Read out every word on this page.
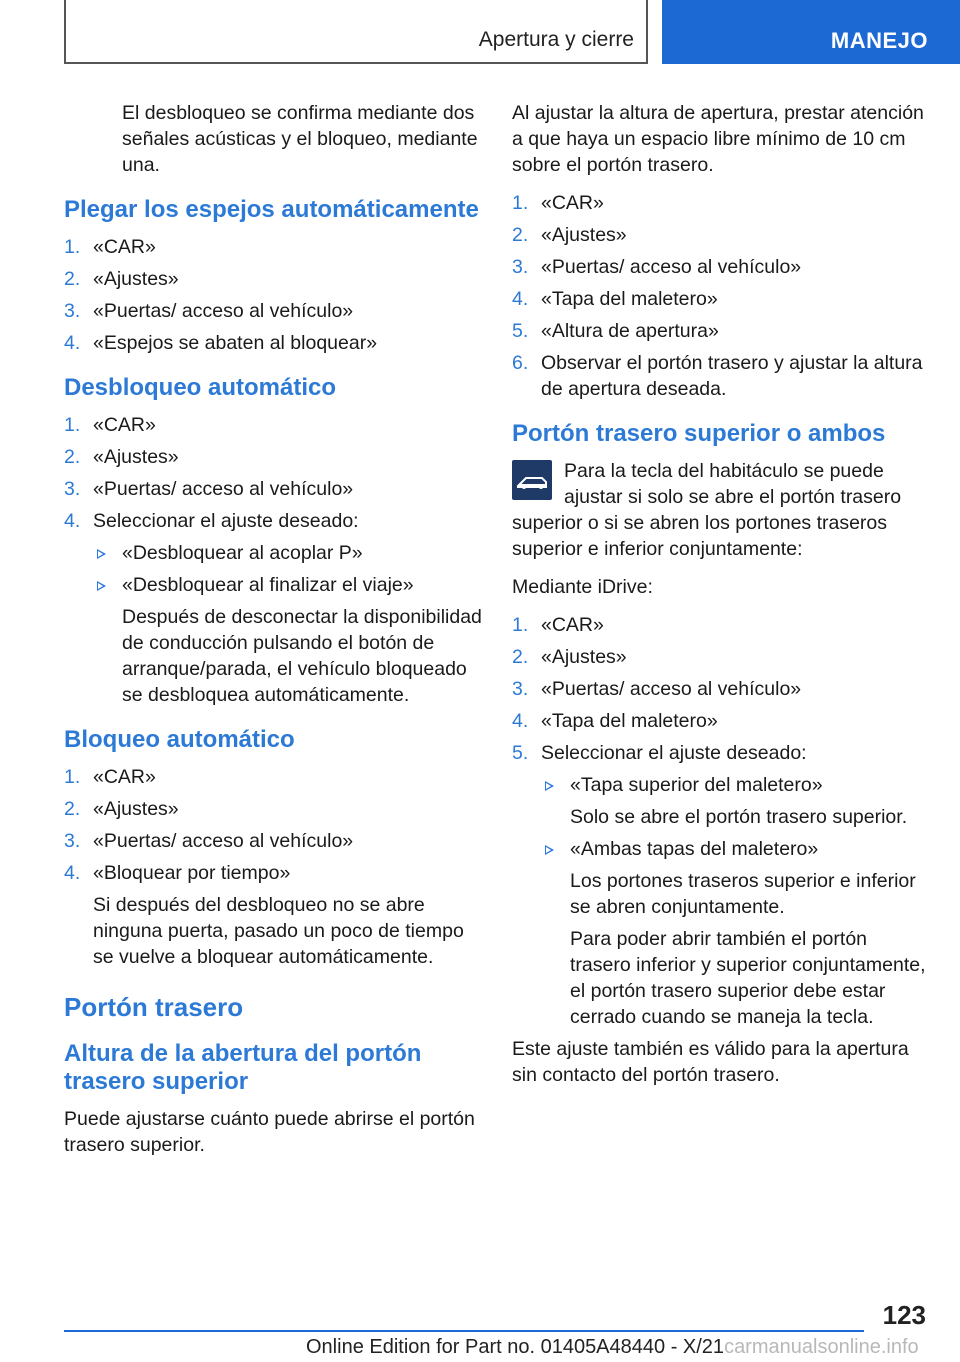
Apertura y cierre	MANEJO

El desbloqueo se confirma mediante dos señales acústicas y el bloqueo, mediante una.

Plegar los espejos automáticamente
1. «CAR»
2. «Ajustes»
3. «Puertas/ acceso al vehículo»
4. «Espejos se abaten al bloquear»
Desbloqueo automático
1. «CAR»
2. «Ajustes»
3. «Puertas/ acceso al vehículo»
4. Seleccionar el ajuste deseado:
«Desbloquear al acoplar P»
«Desbloquear al finalizar el viaje»
Después de desconectar la disponibilidad de conducción pulsando el botón de arranque/parada, el vehículo bloqueado se desbloquea automáticamente.
Bloqueo automático
1. «CAR»
2. «Ajustes»
3. «Puertas/ acceso al vehículo»
4. «Bloquear por tiempo»
Si después del desbloqueo no se abre ninguna puerta, pasado un poco de tiempo se vuelve a bloquear automáticamente.
Portón trasero
Altura de la abertura del portón trasero superior

Puede ajustarse cuánto puede abrirse el portón trasero superior.

Al ajustar la altura de apertura, prestar atención a que haya un espacio libre mínimo de 10 cm sobre el portón trasero.

1. «CAR»
2. «Ajustes»
3. «Puertas/ acceso al vehículo»
4. «Tapa del maletero»
5. «Altura de apertura»
6. Observar el portón trasero y ajustar la altura de apertura deseada.
Portón trasero superior o ambos

Para la tecla del habitáculo se puede ajustar si solo se abre el portón trasero superior o si se abren los portones traseros superior e inferior conjuntamente:

Mediante iDrive:

1. «CAR»
2. «Ajustes»
3. «Puertas/ acceso al vehículo»
4. «Tapa del maletero»
5. Seleccionar el ajuste deseado:
«Tapa superior del maletero»
Solo se abre el portón trasero superior.
«Ambas tapas del maletero»
Los portones traseros superior e inferior se abren conjuntamente.
Para poder abrir también el portón trasero inferior y superior conjuntamente, el portón trasero superior debe estar cerrado cuando se maneja la tecla.

Este ajuste también es válido para la apertura sin contacto del portón trasero.

123
Online Edition for Part no. 01405A48440 - X/21carmanualsonline.info
